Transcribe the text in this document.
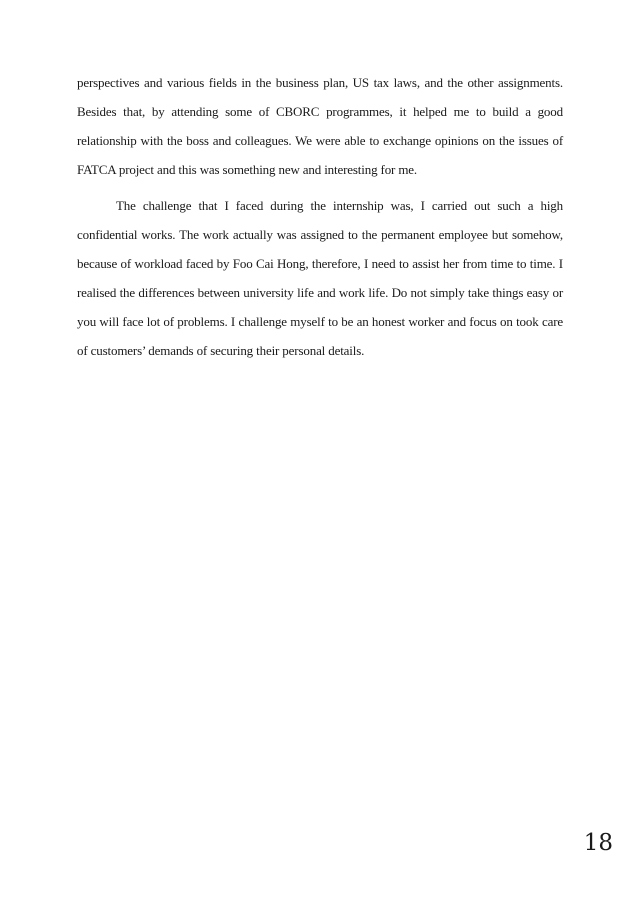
perspectives and various fields in the business plan, US tax laws, and the other assignments. Besides that, by attending some of CBORC programmes, it helped me to build a good relationship with the boss and colleagues. We were able to exchange opinions on the issues of FATCA project and this was something new and interesting for me.

The challenge that I faced during the internship was, I carried out such a high confidential works. The work actually was assigned to the permanent employee but somehow, because of workload faced by Foo Cai Hong, therefore, I need to assist her from time to time. I realised the differences between university life and work life. Do not simply take things easy or you will face lot of problems. I challenge myself to be an honest worker and focus on took care of customers’ demands of securing their personal details.

18
